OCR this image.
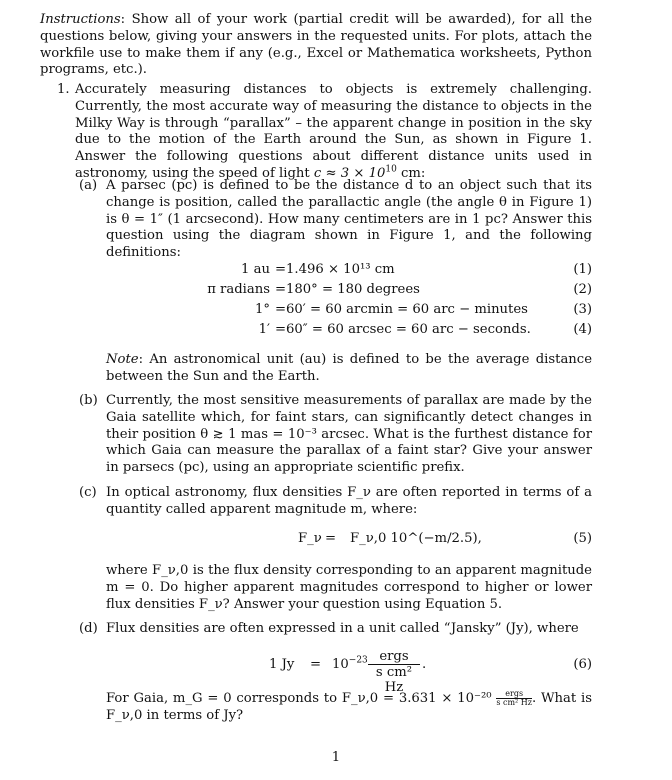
Instructions: Show all of your work (partial credit will be awarded), for all the questions below, giving your answers in the requested units. For plots, attach the workfile use to make them if any (e.g., Excel or Mathematica worksheets, Python programs, etc.).
1. Accurately measuring distances to objects is extremely challenging. Currently, the most accurate way of measuring the distance to objects in the Milky Way is through “parallax” – the apparent change in position in the sky due to the motion of the Earth around the Sun, as shown in Figure 1. Answer the following questions about different distance units used in astronomy, using the speed of light $c \approx 3 \times 10^{10}$ cm:
(a) A parsec (pc) is defined to be the distance d to an object such that its change is position, called the parallactic angle (the angle θ in Figure 1) is θ = 1″ (1 arcsecond). How many centimeters are in 1 pc? Answer this question using the diagram shown in Figure 1, and the following definitions:
1 au = 1.496 × 10¹³ cm	(1)
π radians = 180° = 180 degrees	(2)
1° = 60′ = 60 arcmin = 60 arc − minutes	(3)
1′ = 60″ = 60 arcsec = 60 arc − seconds.	(4)
Note: An astronomical unit (au) is defined to be the average distance between the Sun and the Earth.
(b) Currently, the most sensitive measurements of parallax are made by the Gaia satellite which, for faint stars, can significantly detect changes in their position θ ≳ 1 mas = 10⁻³ arcsec. What is the furthest distance for which Gaia can measure the parallax of a faint star? Give your answer in parsecs (pc), using an appropriate scientific prefix.
(c) In optical astronomy, flux densities F_ν are often reported in terms of a quantity called apparent magnitude m, where:
F_ν = F_ν,0 10^(−m/2.5),	(5)
where F_ν,0 is the flux density corresponding to an apparent magnitude m = 0. Do higher apparent magnitudes correspond to higher or lower flux densities F_ν? Answer your question using Equation 5.
(d) Flux densities are often expressed in a unit called “Jansky” (Jy), where
1 $Jy = 10^{-23}$ ergs
s cm² Hz
.	(6)
For Gaia, m_G = 0 corresponds to F_ν,0 = 3.631 × 10⁻²⁰	ergs
s cm² Hz . What is F_ν,0 in terms of Jy?
1
